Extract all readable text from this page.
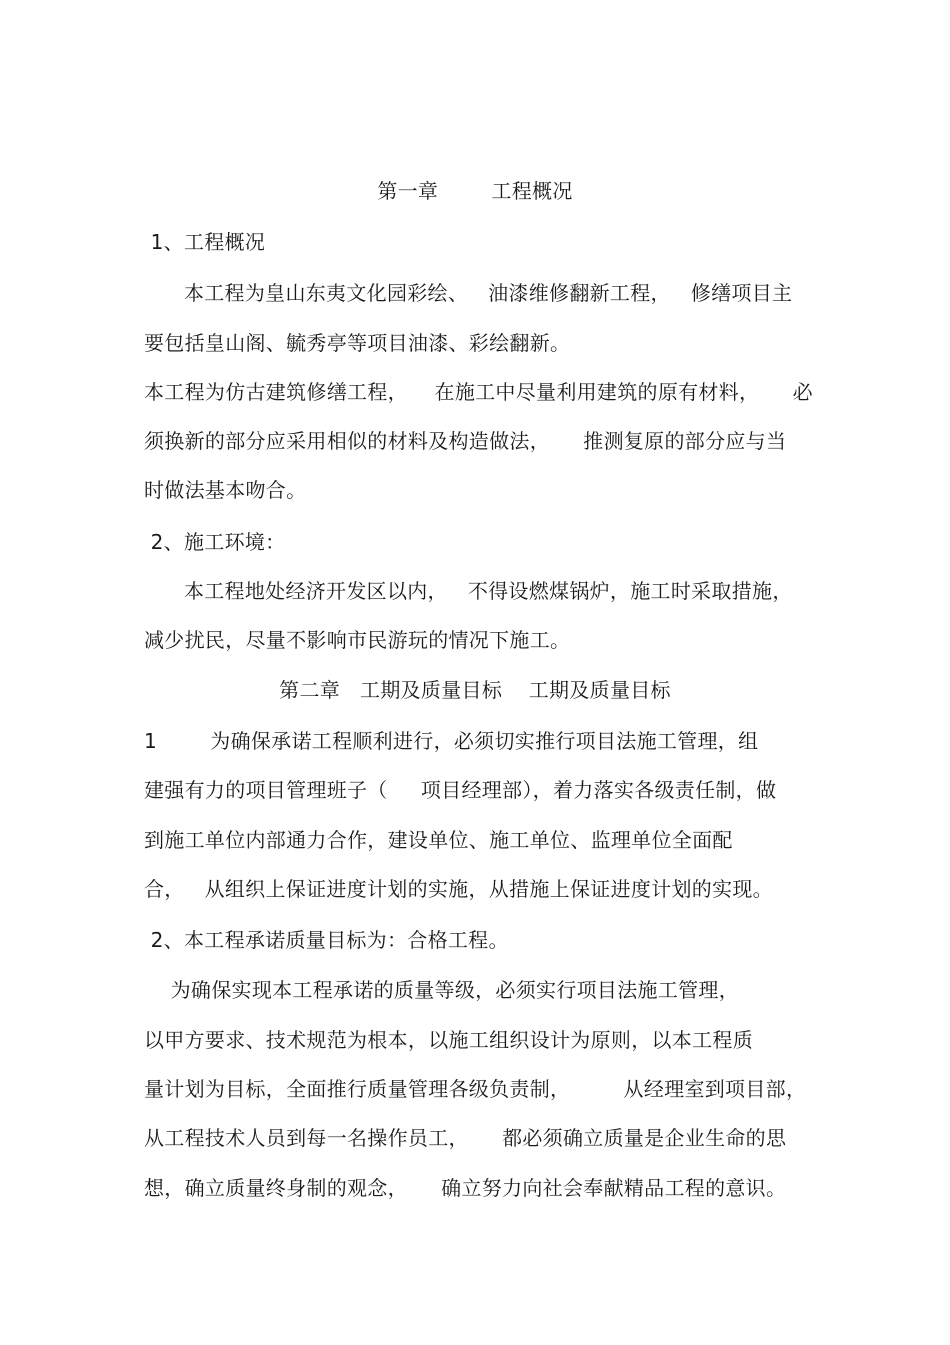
第一章        工程概况
1、工程概况
本工程为皇山东夷文化园彩绘、   油漆维修翻新工程，   修缮项目主
要包括皇山阁、毓秀亭等项目油漆、彩绘翻新。
本工程为仿古建筑修缮工程，    在施工中尽量利用建筑的原有材料，     必
须换新的部分应采用相似的材料及构造做法，     推测复原的部分应与当
时做法基本吻合。
2、施工环境：
本工程地处经济开发区以内，   不得设燃煤锅炉，施工时采取措施，
减少扰民，尽量不影响市民游玩的情况下施工。
第二章   工期及质量目标    工期及质量目标
1        为确保承诺工程顺利进行，必须切实推行项目法施工管理，组
建强有力的项目管理班子（     项目经理部），着力落实各级责任制，做
到施工单位内部通力合作，建设单位、施工单位、监理单位全面配
合，   从组织上保证进度计划的实施，从措施上保证进度计划的实现。
2、本工程承诺质量目标为：合格工程。
为确保实现本工程承诺的质量等级，必须实行项目法施工管理，
以甲方要求、技术规范为根本，以施工组织设计为原则，以本工程质
量计划为目标，全面推行质量管理各级负责制，        从经理室到项目部，
从工程技术人员到每一名操作员工，     都必须确立质量是企业生命的思
想，确立质量终身制的观念，     确立努力向社会奉献精品工程的意识。
